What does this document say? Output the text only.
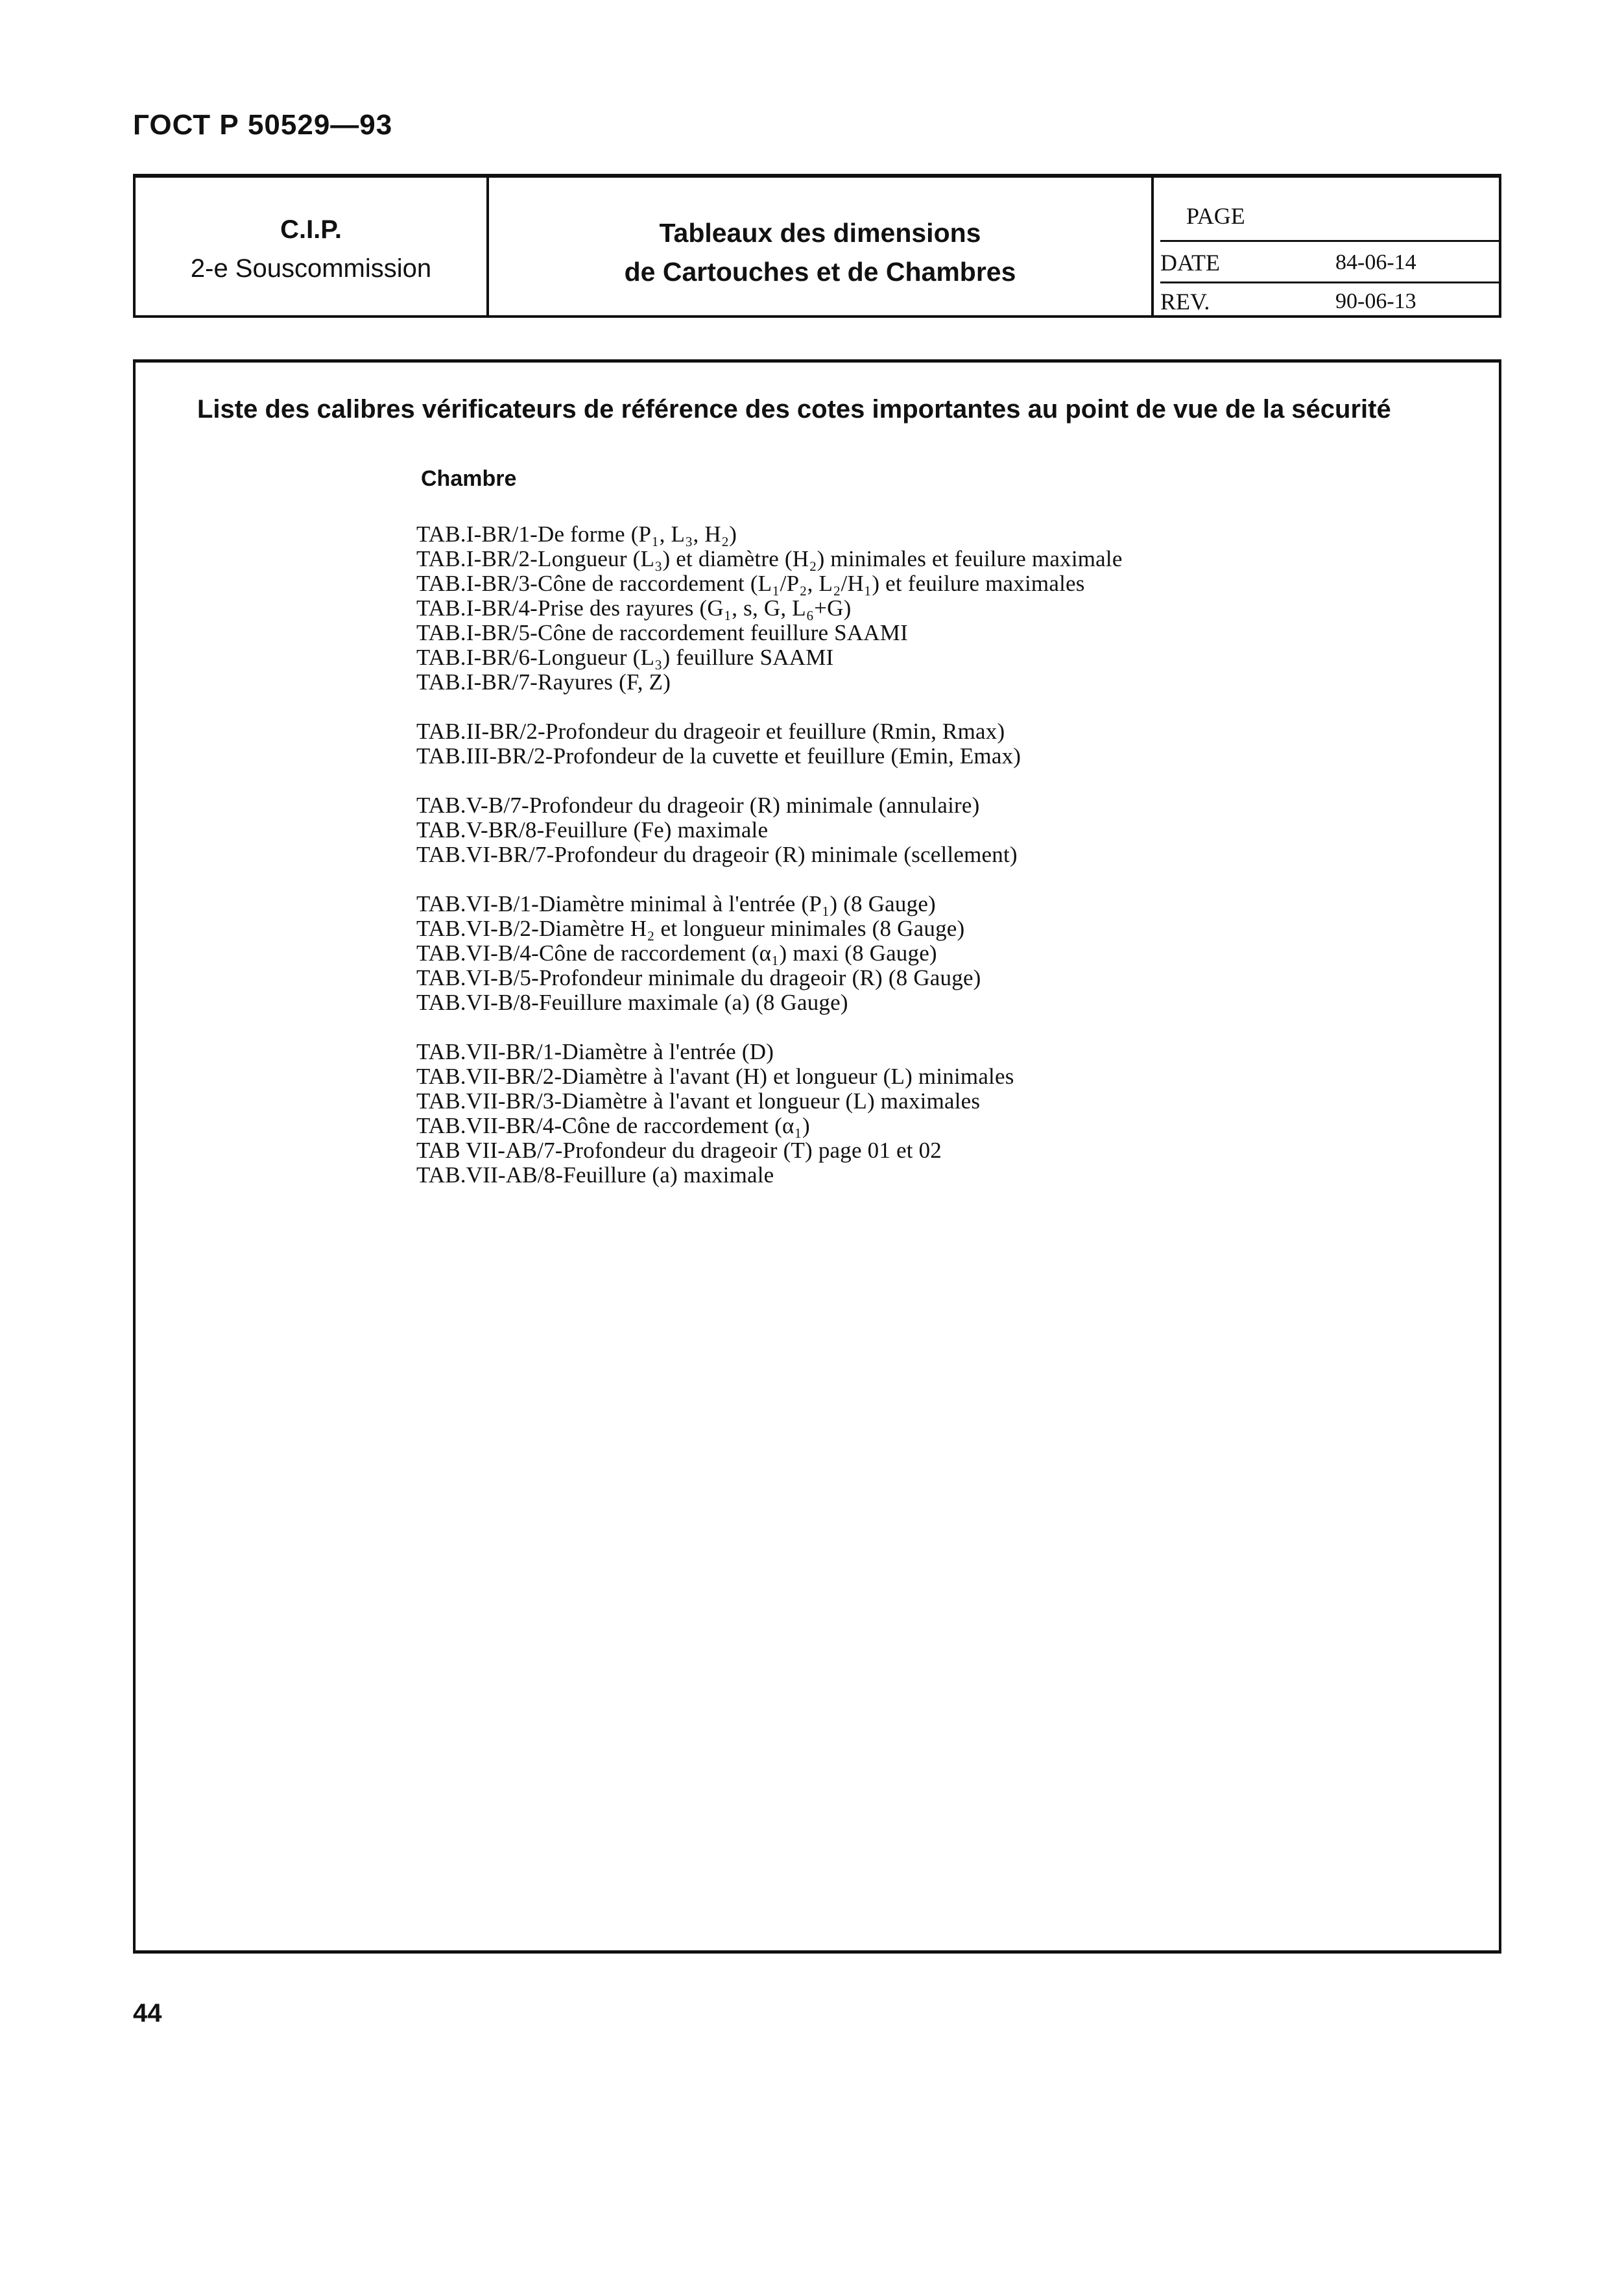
ГОСТ Р 50529—93
C.I.P.
2-e Souscommission
Tableaux des dimensions
de Cartouches et de Chambres
PAGE
DATE	84-06-14
REV.	90-06-13
Liste des calibres vérificateurs de référence des cotes importantes au point de vue de la sécurité
Chambre
TAB.I-BR/1-De forme (P₁, L₃, H₂)
TAB.I-BR/2-Longueur (L₃) et diamètre (H₂) minimales et feuilure maximale
TAB.I-BR/3-Cône de raccordement (L₁/P₂, L₂/H₁) et feuilure maximales
TAB.I-BR/4-Prise des rayures (G₁, s, G, L₆+G)
TAB.I-BR/5-Cône de raccordement feuillure SAAMI
TAB.I-BR/6-Longueur (L₃) feuillure SAAMI
TAB.I-BR/7-Rayures (F, Z)
TAB.II-BR/2-Profondeur du drageoir et feuillure (Rmin, Rmax)
TAB.III-BR/2-Profondeur de la cuvette et feuillure (Emin, Emax)
TAB.V-B/7-Profondeur du drageoir (R) minimale (annulaire)
TAB.V-BR/8-Feuillure (Fe) maximale
TAB.VI-BR/7-Profondeur du drageoir (R) minimale (scellement)
TAB.VI-B/1-Diamètre minimal à l'entrée (P₁) (8 Gauge)
TAB.VI-B/2-Diamètre H₂ et longueur minimales (8 Gauge)
TAB.VI-B/4-Cône de raccordement (α₁) maxi (8 Gauge)
TAB.VI-B/5-Profondeur minimale du drageoir (R) (8 Gauge)
TAB.VI-B/8-Feuillure maximale (a) (8 Gauge)
TAB.VII-BR/1-Diamètre à l'entrée (D)
TAB.VII-BR/2-Diamètre à l'avant (H) et longueur (L) minimales
TAB.VII-BR/3-Diamètre à l'avant et longueur (L) maximales
TAB.VII-BR/4-Cône de raccordement (α₁)
TAB VII-AB/7-Profondeur du drageoir (T) page 01 et 02
TAB.VII-AB/8-Feuillure (a) maximale
44
